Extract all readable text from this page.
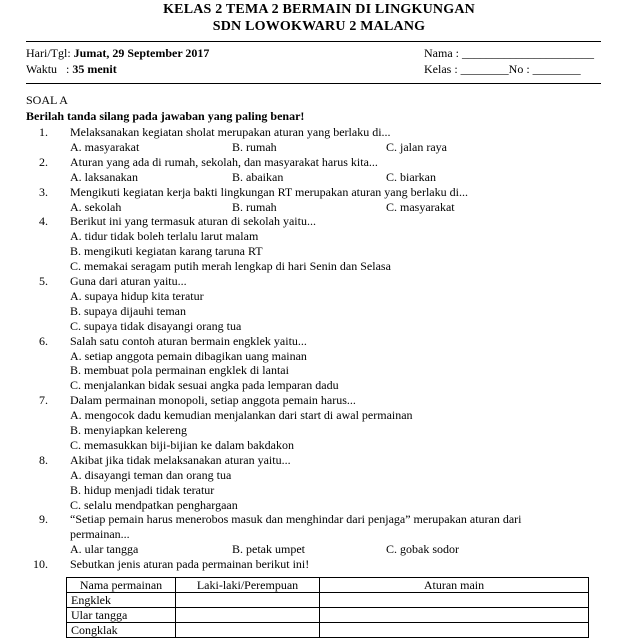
KELAS 2 TEMA 2 BERMAIN DI LINGKUNGAN
SDN LOWOKWARU 2 MALANG
Hari/Tgl: Jumat, 29 September 2017
Waktu   : 35 menit
Nama : ______________________
Kelas : ________No : ________
SOAL A
Berilah tanda silang pada jawaban yang paling benar!
1. Melaksanakan kegiatan sholat merupakan aturan yang berlaku di...
A. masyarakat	B. rumah	C. jalan raya
2. Aturan yang ada di rumah, sekolah, dan masyarakat harus kita...
A. laksanakan	B. abaikan	C. biarkan
3. Mengikuti kegiatan kerja bakti lingkungan RT merupakan aturan yang berlaku di...
A. sekolah	B. rumah	C. masyarakat
4. Berikut ini yang termasuk aturan di sekolah yaitu...
A. tidur tidak boleh terlalu larut malam
B. mengikuti kegiatan karang taruna RT
C. memakai seragam putih merah lengkap di hari Senin dan Selasa
5. Guna dari aturan yaitu...
A. supaya hidup kita teratur
B. supaya dijauhi teman
C. supaya tidak disayangi orang tua
6. Salah satu contoh aturan bermain engklek yaitu...
A. setiap anggota pemain dibagikan uang mainan
B. membuat pola permainan engklek di lantai
C. menjalankan bidak sesuai angka pada lemparan dadu
7. Dalam permainan monopoli, setiap anggota pemain harus...
A. mengocok dadu kemudian menjalankan dari start di awal permainan
B. menyiapkan kelereng
C. memasukkan biji-bijian ke dalam bakdakon
8. Akibat jika tidak melaksanakan aturan yaitu...
A. disayangi teman dan orang tua
B. hidup menjadi tidak teratur
C. selalu mendpatkan penghargaan
9. “Setiap pemain harus menerobos masuk dan menghindar dari penjaga” merupakan aturan dari
permainan...
A. ular tangga	B. petak umpet	C. gobak sodor
10. Sebutkan jenis aturan pada permainan berikut ini!
Nama permainan	Laki-laki/Perempuan	Aturan main
Engklek		
Ular tangga		
Congklak		
